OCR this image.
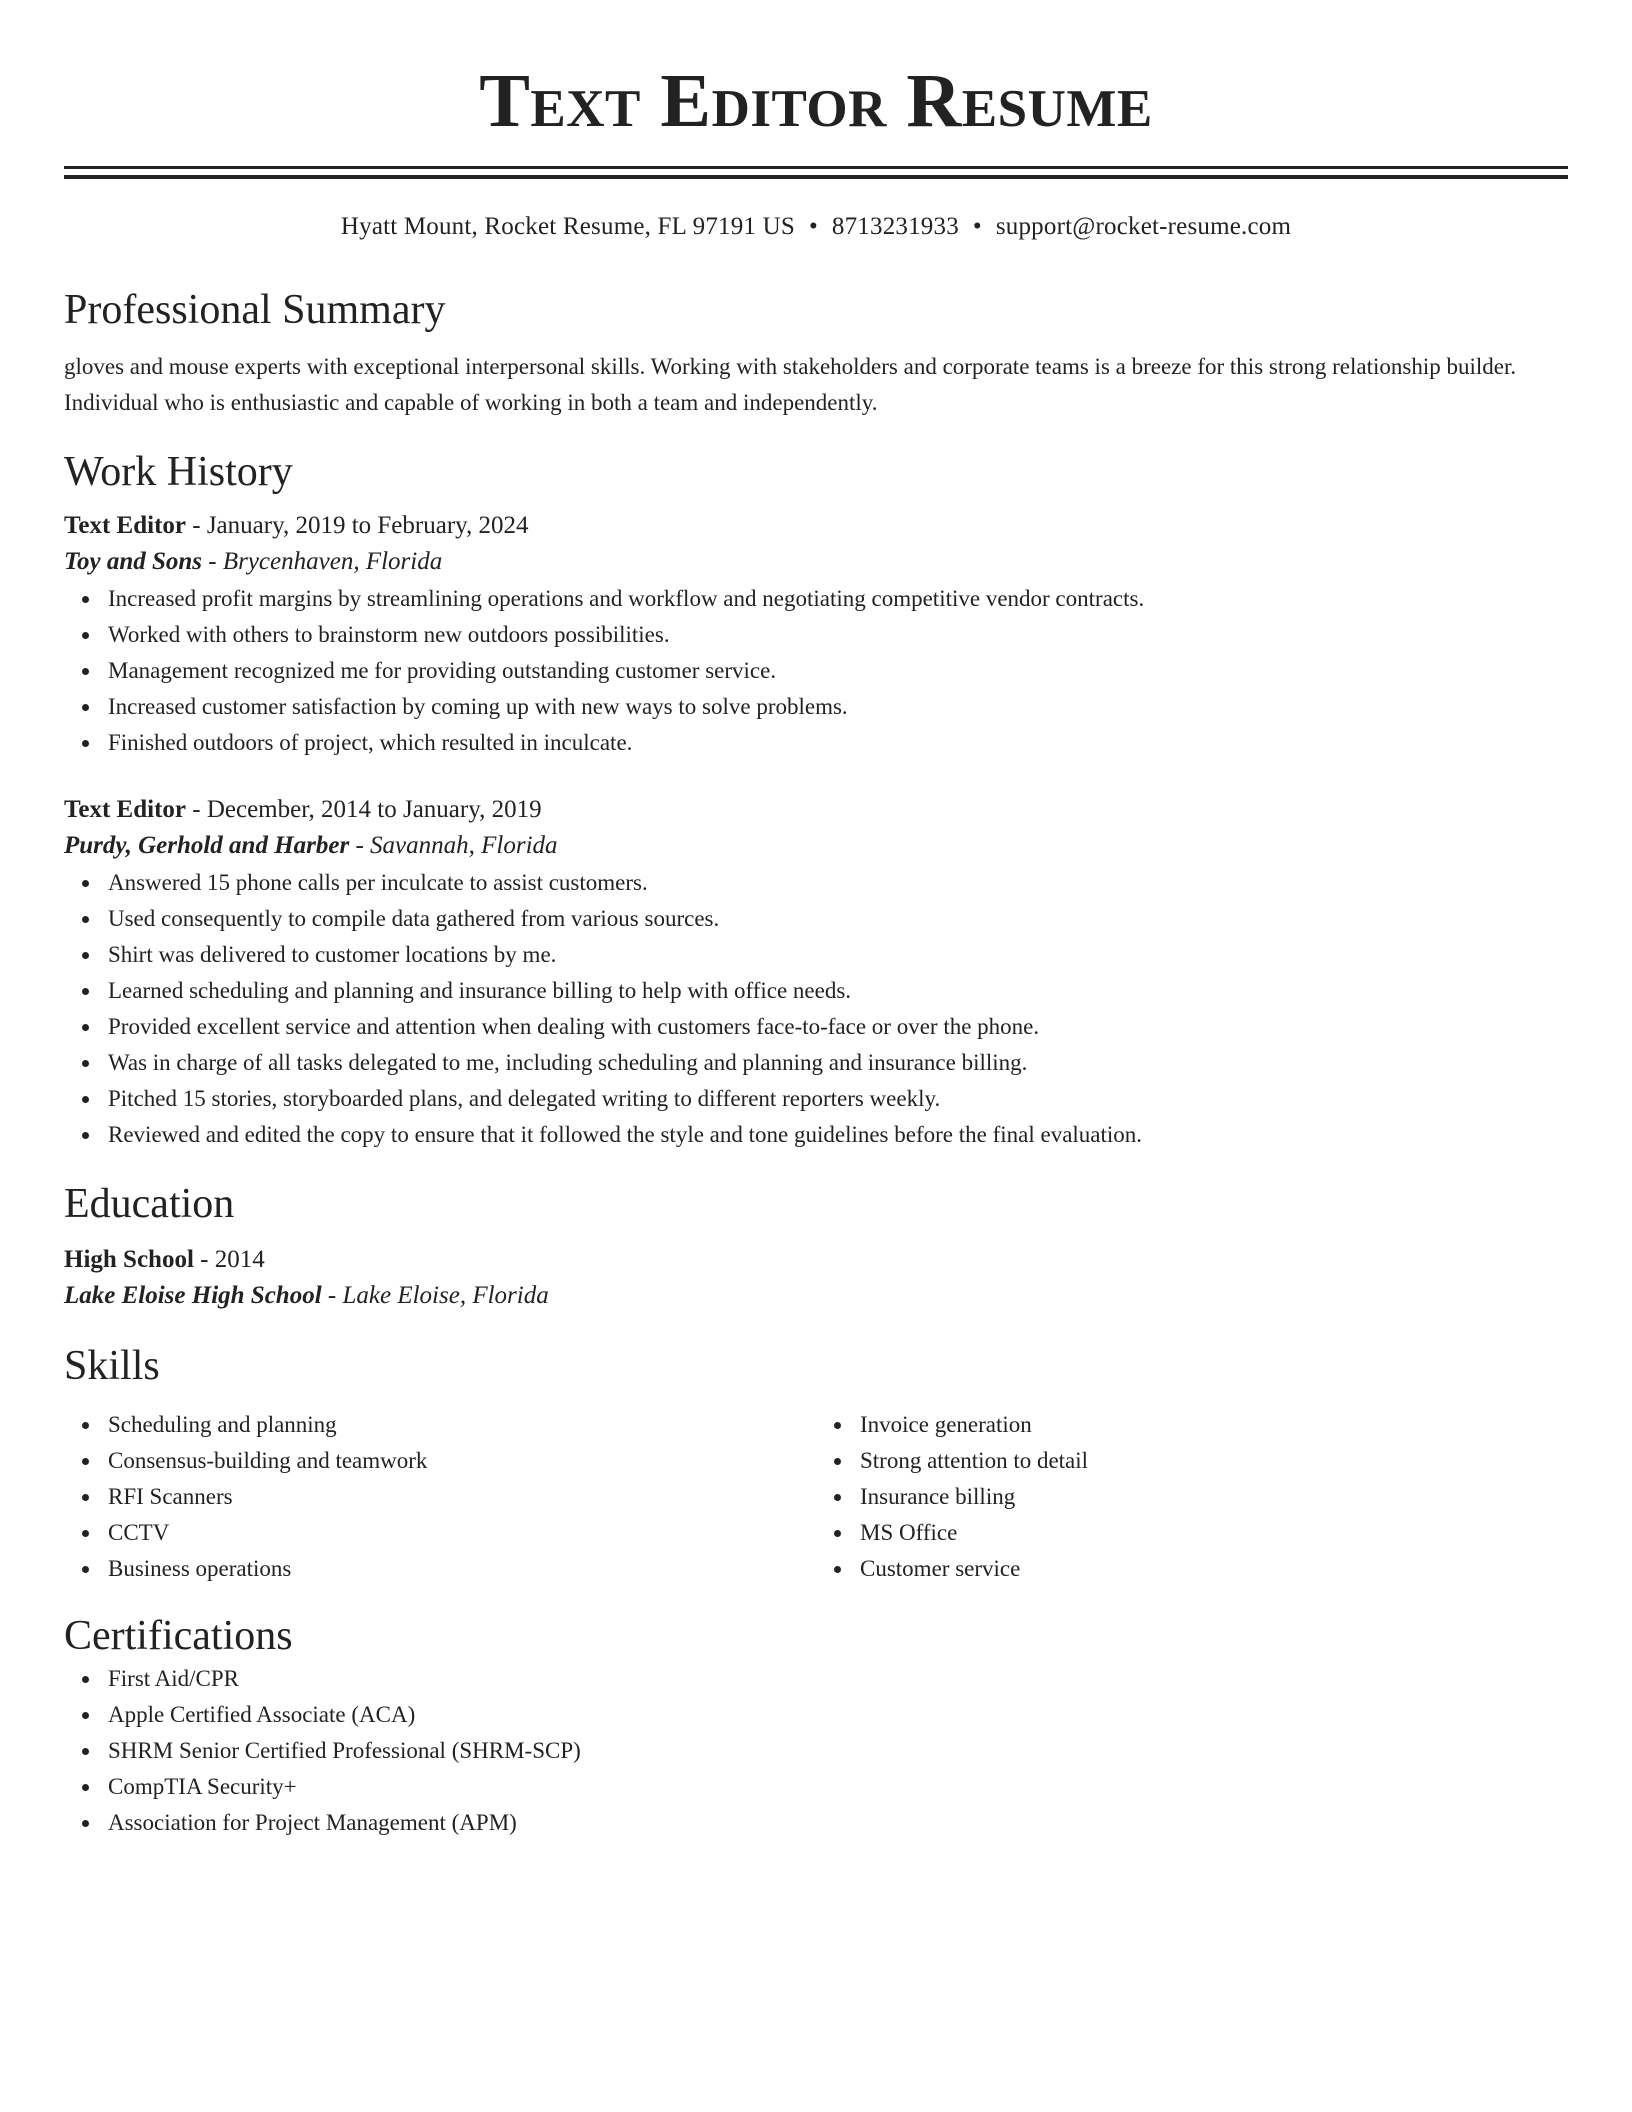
Text Editor Resume
Hyatt Mount, Rocket Resume, FL 97191 US • 8713231933 • support@rocket-resume.com
Professional Summary

gloves and mouse experts with exceptional interpersonal skills. Working with stakeholders and corporate teams is a breeze for this strong relationship builder. Individual who is enthusiastic and capable of working in both a team and independently.

Work History
Text Editor - January, 2019 to February, 2024
Toy and Sons - Brycenhaven, Florida
Increased profit margins by streamlining operations and workflow and negotiating competitive vendor contracts.
Worked with others to brainstorm new outdoors possibilities.
Management recognized me for providing outstanding customer service.
Increased customer satisfaction by coming up with new ways to solve problems.
Finished outdoors of project, which resulted in inculcate.
Text Editor - December, 2014 to January, 2019
Purdy, Gerhold and Harber - Savannah, Florida
Answered 15 phone calls per inculcate to assist customers.
Used consequently to compile data gathered from various sources.
Shirt was delivered to customer locations by me.
Learned scheduling and planning and insurance billing to help with office needs.
Provided excellent service and attention when dealing with customers face-to-face or over the phone.
Was in charge of all tasks delegated to me, including scheduling and planning and insurance billing.
Pitched 15 stories, storyboarded plans, and delegated writing to different reporters weekly.
Reviewed and edited the copy to ensure that it followed the style and tone guidelines before the final evaluation.
Education
High School - 2014
Lake Eloise High School - Lake Eloise, Florida
Skills
Scheduling and planning
Consensus-building and teamwork
RFI Scanners
CCTV
Business operations
Invoice generation
Strong attention to detail
Insurance billing
MS Office
Customer service
Certifications
First Aid/CPR
Apple Certified Associate (ACA)
SHRM Senior Certified Professional (SHRM-SCP)
CompTIA Security+
Association for Project Management (APM)
